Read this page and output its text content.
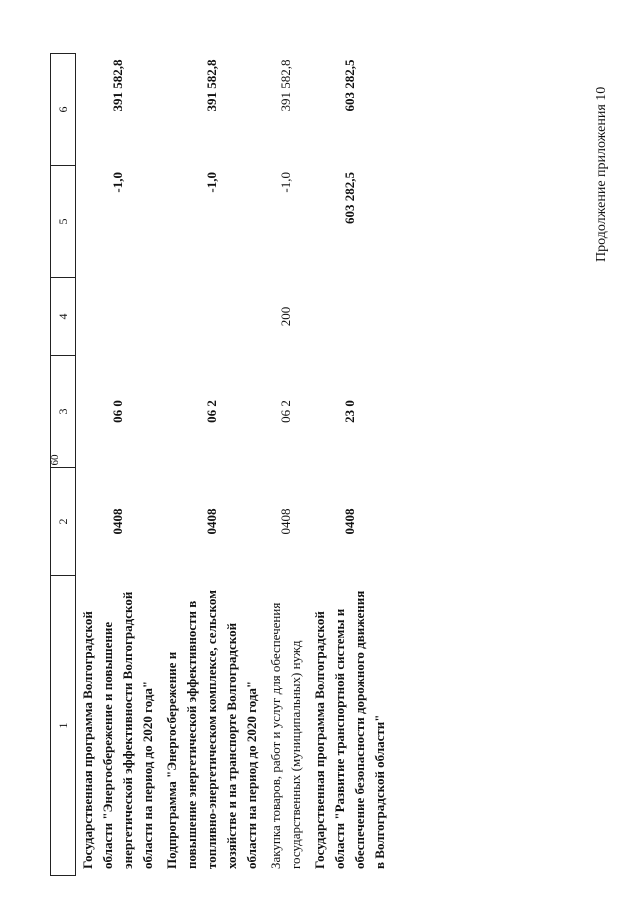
60
Продолжение приложения 10
1	2	3	4	5	6
Государственная программа Волгоградской области "Энергосбережение и повышение энергетической эффективности Волгоградской области на период до 2020 года"	0408	06 0		-1,0	391 582,8
Подпрограмма "Энергосбережение и повышение энергетической эффективности в топливно-энергетическом комплексе, сельском хозяйстве и на транспорте Волгоградской области на период до 2020 года"	0408	06 2		-1,0	391 582,8
Закупка товаров, работ и услуг для обеспечения государственных (муниципальных) нужд	0408	06 2	200	-1,0	391 582,8
Государственная программа Волгоградской области "Развитие транспортной системы и обеспечение безопасности дорожного движения в Волгоградской области"	0408	23 0		603 282,5	603 282,5
